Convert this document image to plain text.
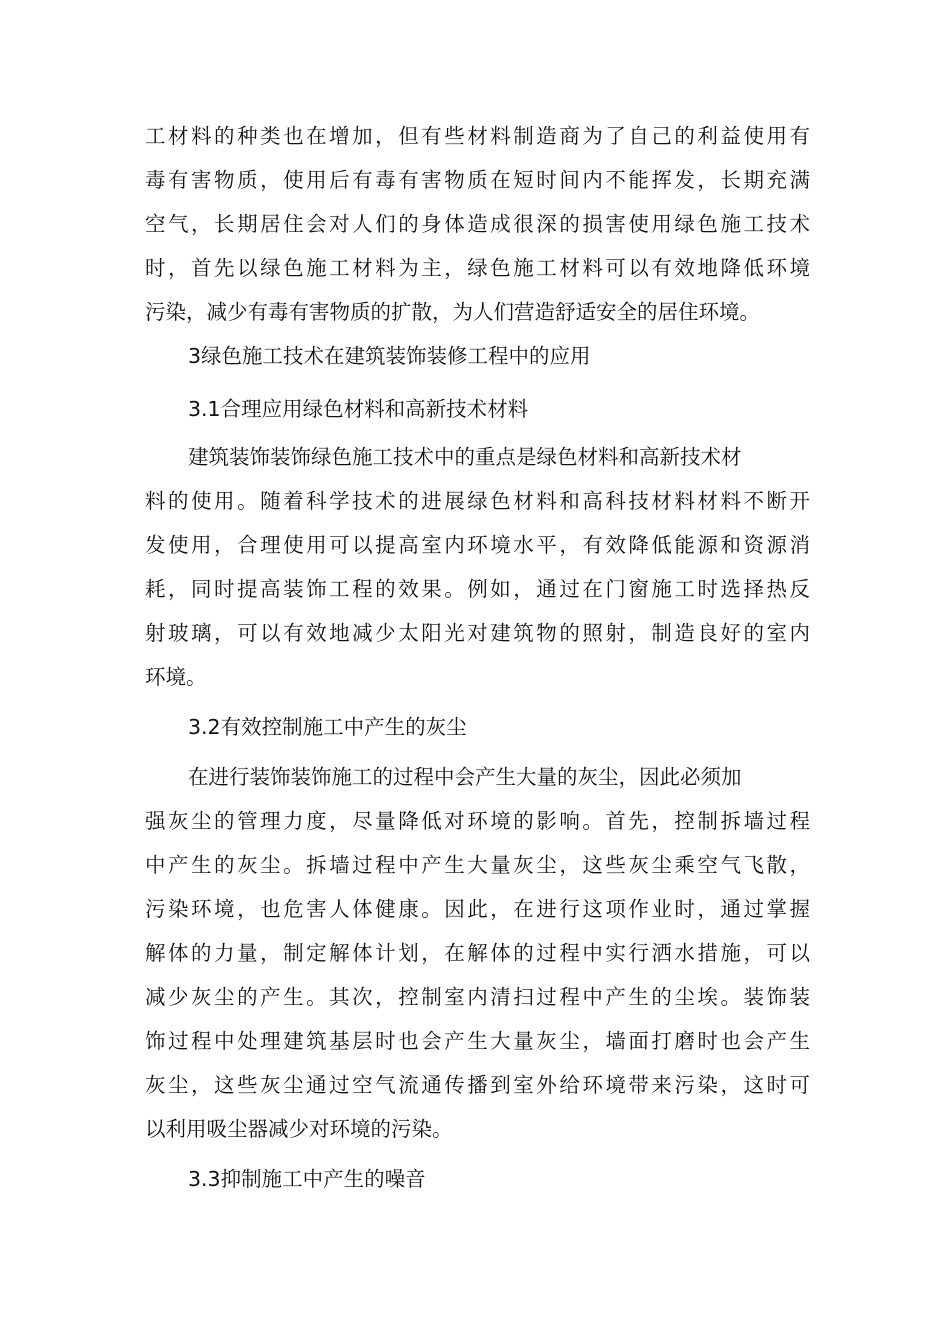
工材料的种类也在增加，但有些材料制造商为了自己的利益使用有
毒有害物质，使用后有毒有害物质在短时间内不能挥发，长期充满
空气，长期居住会对人们的身体造成很深的损害使用绿色施工技术
时，首先以绿色施工材料为主，绿色施工材料可以有效地降低环境
污染，减少有毒有害物质的扩散，为人们营造舒适安全的居住环境。
3绿色施工技术在建筑装饰装修工程中的应用
3.1合理应用绿色材料和高新技术材料
建筑装饰装饰绿色施工技术中的重点是绿色材料和高新技术材
料的使用。随着科学技术的进展绿色材料和高科技材料材料不断开
发使用，合理使用可以提高室内环境水平，有效降低能源和资源消
耗，同时提高装饰工程的效果。例如，通过在门窗施工时选择热反
射玻璃，可以有效地减少太阳光对建筑物的照射，制造良好的室内
环境。
3.2有效控制施工中产生的灰尘
在进行装饰装饰施工的过程中会产生大量的灰尘，因此必须加
强灰尘的管理力度，尽量降低对环境的影响。首先，控制拆墙过程
中产生的灰尘。拆墙过程中产生大量灰尘，这些灰尘乘空气飞散，
污染环境，也危害人体健康。因此，在进行这项作业时，通过掌握
解体的力量，制定解体计划，在解体的过程中实行洒水措施，可以
减少灰尘的产生。其次，控制室内清扫过程中产生的尘埃。装饰装
饰过程中处理建筑基层时也会产生大量灰尘，墙面打磨时也会产生
灰尘，这些灰尘通过空气流通传播到室外给环境带来污染，这时可
以利用吸尘器减少对环境的污染。
3.3抑制施工中产生的噪音
